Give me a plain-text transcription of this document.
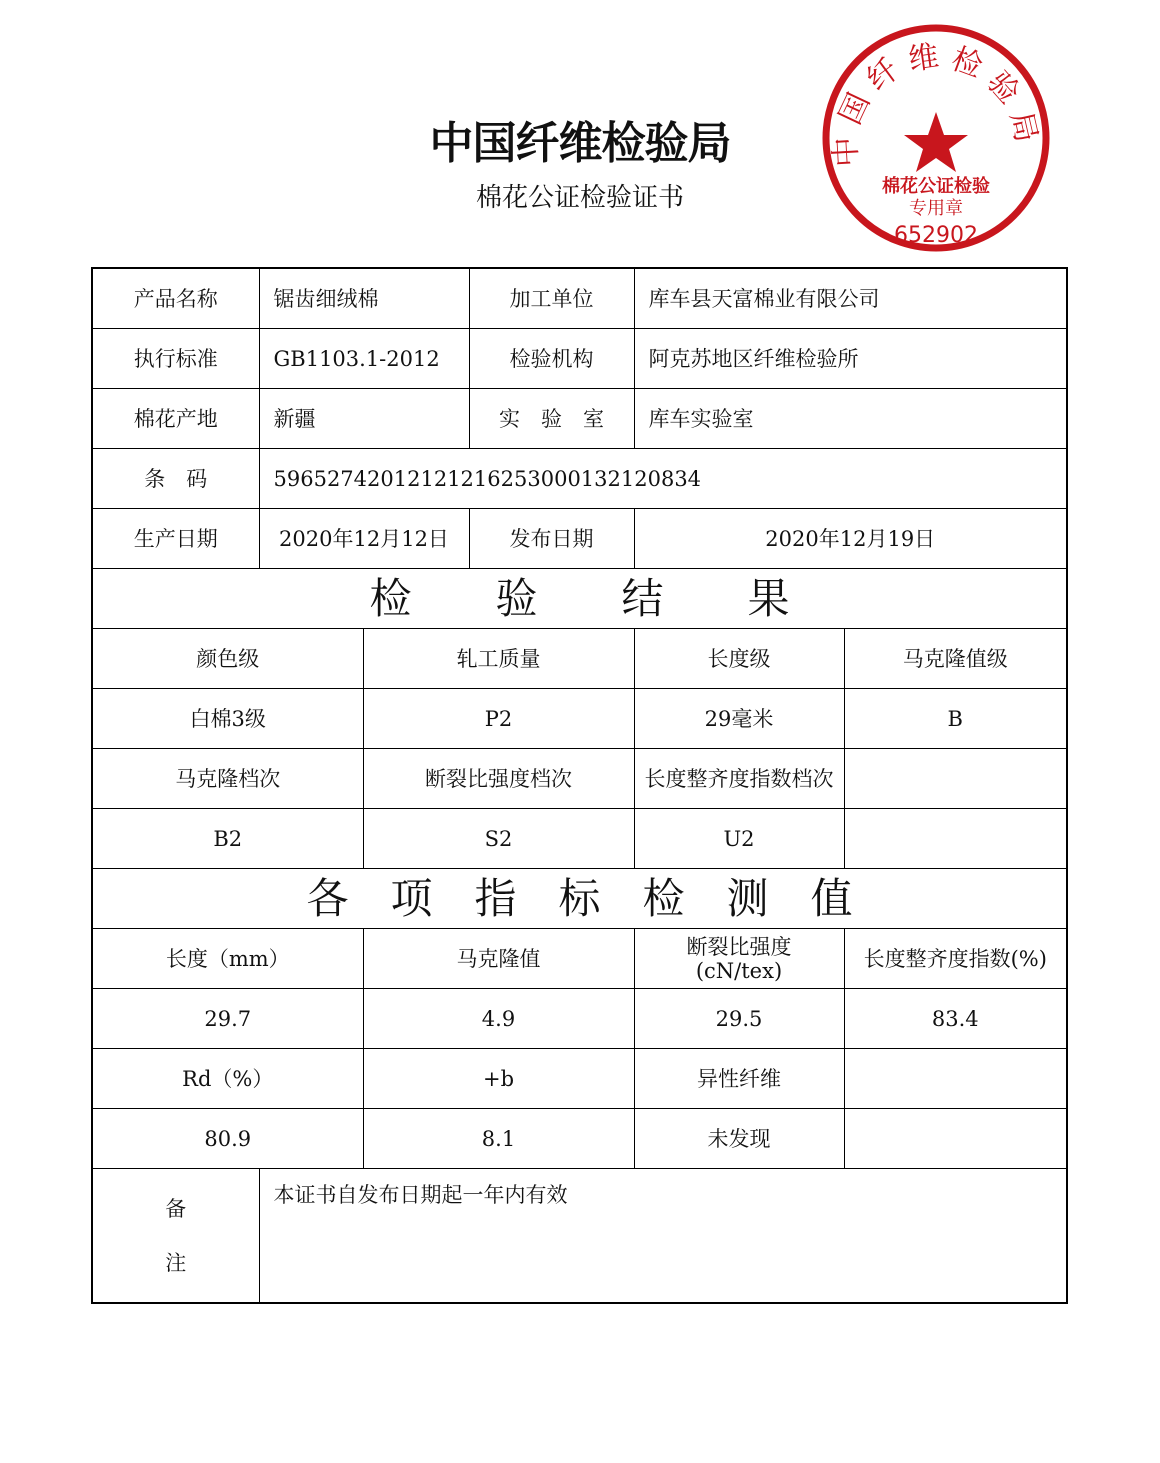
中国纤维检验局
棉花公证检验证书
产品名称	锯齿细绒棉		加工单位	库车县天富棉业有限公司	
执行标准	GB1103.1-2012		检验机构	阿克苏地区纤维检验所	
棉花产地	新疆		实　验　室	库车实验室	
条　码	59652742012121216253000132120834				
生产日期	2020年12月12日		发布日期	2020年12月19日	
检　　验　　结　　果					
颜色级		轧工质量		长度级	马克隆值级
白棉3级		P2		29毫米	B
马克隆档次		断裂比强度档次		长度整齐度指数档次	
B2		S2		U2	
各　项　指　标　检　测　值					
长度（mm）		马克隆值		断裂比强度(cN/tex)	长度整齐度指数(%)
29.7		4.9		29.5	83.4
Rd（%）		+b		异性纤维	
80.9		8.1		未发现	
备
注	本证书自发布日期起一年内有效				
中 国 纤 维 检 验 局
棉花公证检验
专用章
652902
